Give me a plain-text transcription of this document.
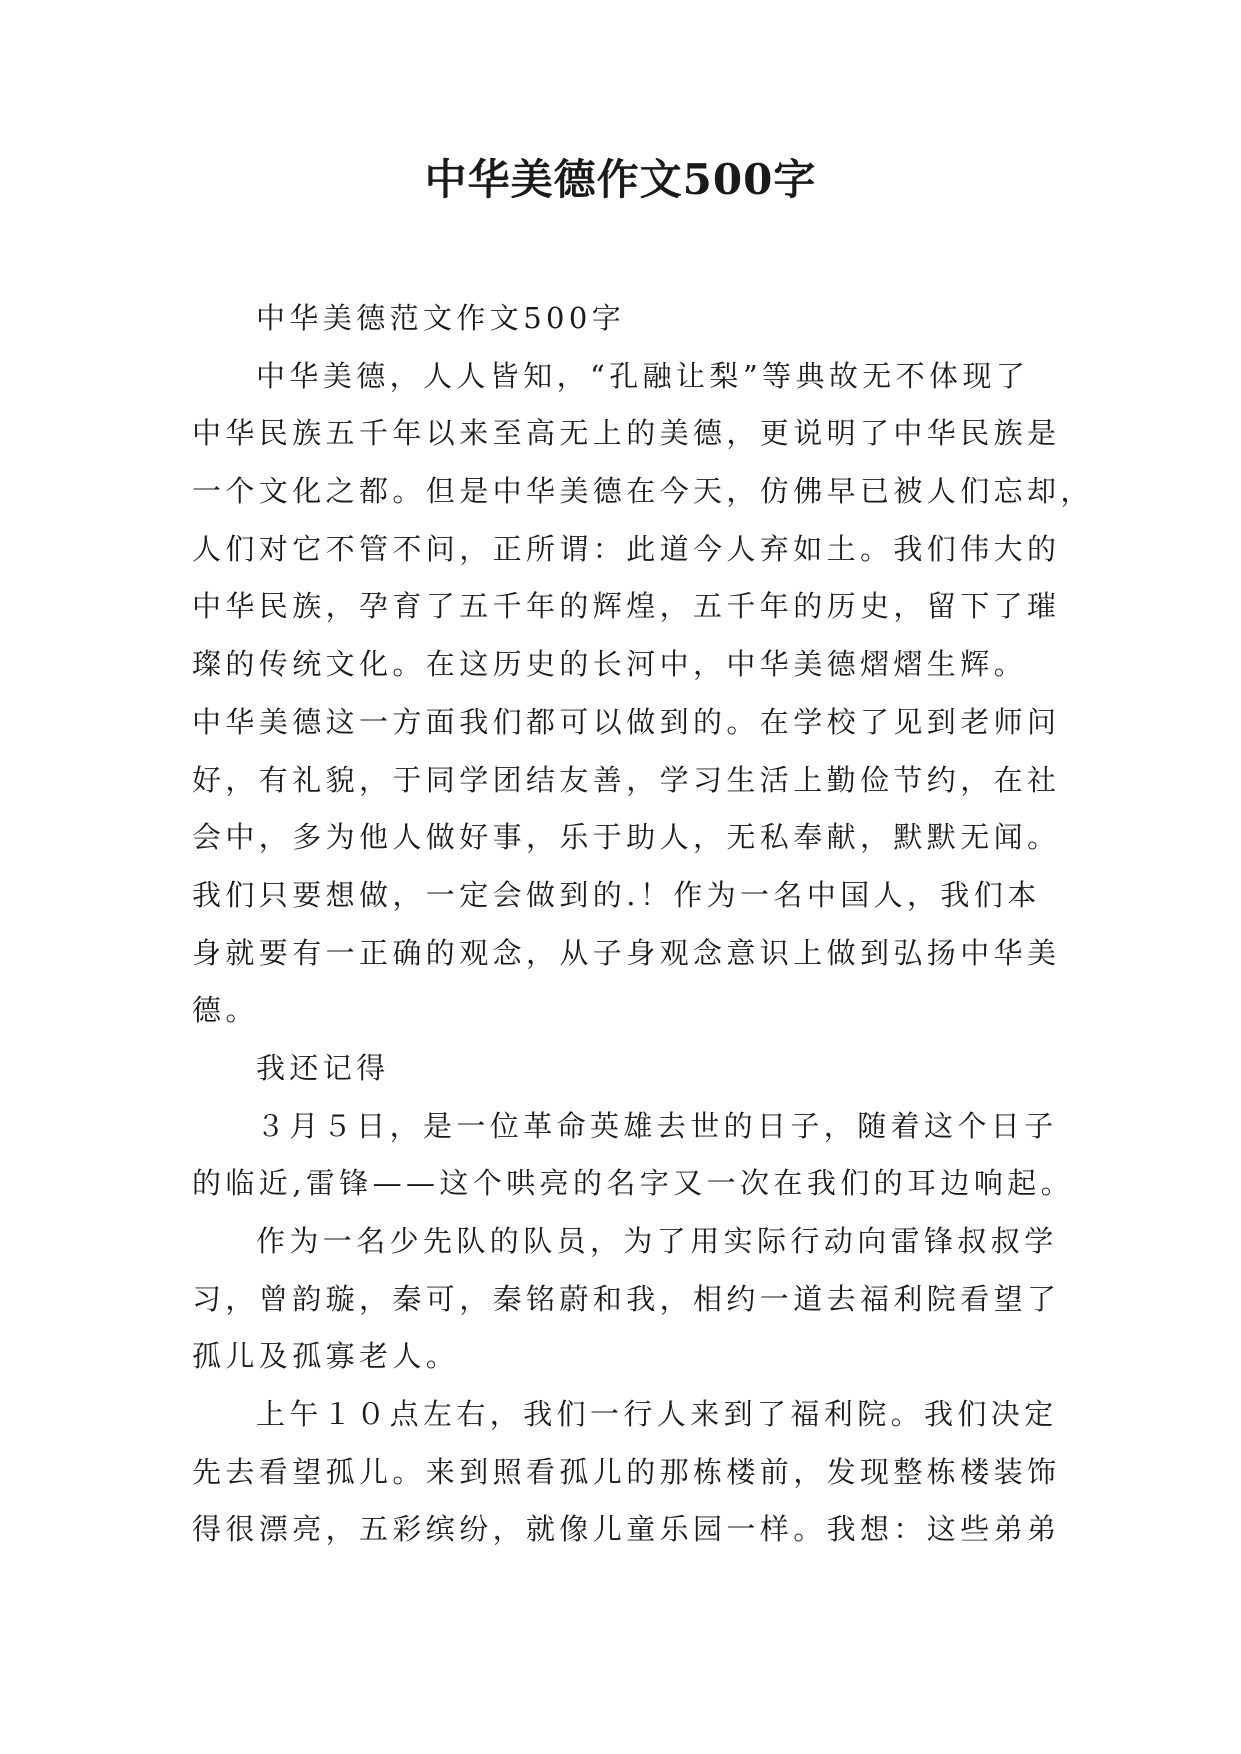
中华美德作文500字
中华美德范文作文500字
中华美德，人人皆知，“孔融让梨”等典故无不体现了
中华民族五千年以来至高无上的美德，更说明了中华民族是
一个文化之都。但是中华美德在今天，仿佛早已被人们忘却，
人们对它不管不问，正所谓：此道今人弃如土。我们伟大的
中华民族，孕育了五千年的辉煌，五千年的历史，留下了璀
璨的传统文化。在这历史的长河中，中华美德熠熠生辉。
中华美德这一方面我们都可以做到的。在学校了见到老师问
好，有礼貌，于同学团结友善，学习生活上勤俭节约，在社
会中，多为他人做好事，乐于助人，无私奉献，默默无闻。
我们只要想做，一定会做到的.！作为一名中国人，我们本
身就要有一正确的观念，从子身观念意识上做到弘扬中华美
德。
我还记得
３月５日，是一位革命英雄去世的日子，随着这个日子
的临近,雷锋——这个哄亮的名字又一次在我们的耳边响起。
作为一名少先队的队员，为了用实际行动向雷锋叔叔学
习，曾韵璇，秦可，秦铭蔚和我，相约一道去福利院看望了
孤儿及孤寡老人。
上午１０点左右，我们一行人来到了福利院。我们决定
先去看望孤儿。来到照看孤儿的那栋楼前，发现整栋楼装饰
得很漂亮，五彩缤纷，就像儿童乐园一样。我想：这些弟弟
